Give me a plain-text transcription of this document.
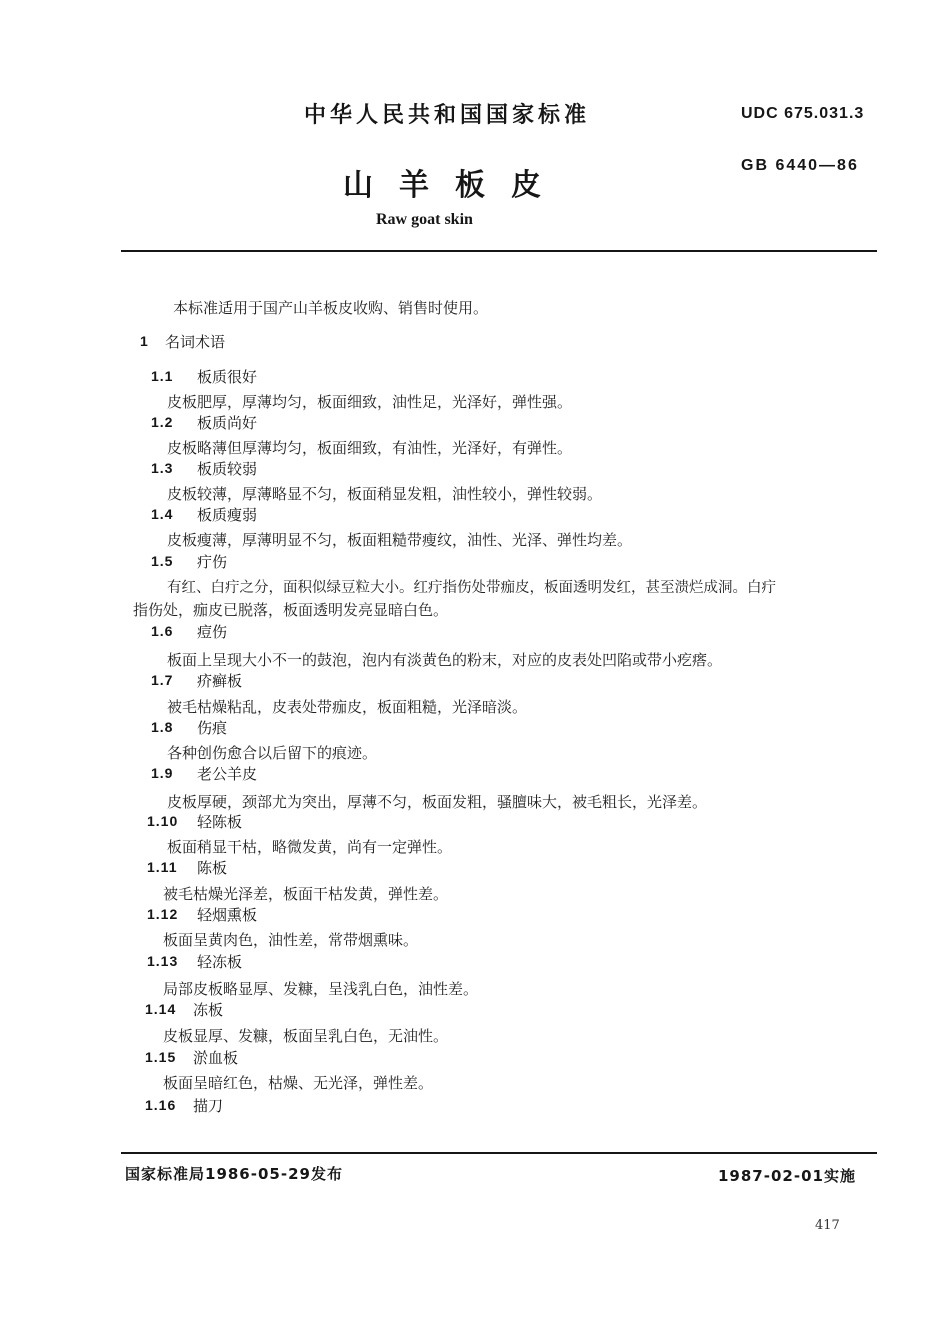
中华人民共和国国家标准	UDC 675.031.3
山羊板皮
GB 6440—86
Raw goat skin
本标准适用于国产山羊板皮收购、销售时使用。
1 名词术语
1.1 板质很好
皮板肥厚，厚薄均匀，板面细致，油性足，光泽好，弹性强。
1.2 板质尚好
皮板略薄但厚薄均匀，板面细致，有油性，光泽好，有弹性。
1.3 板质较弱
皮板较薄，厚薄略显不匀，板面稍显发粗，油性较小，弹性较弱。
1.4 板质瘦弱
皮板瘦薄，厚薄明显不匀，板面粗糙带瘦纹，油性、光泽、弹性均差。
1.5 疔伤
有红、白疔之分，面积似绿豆粒大小。红疔指伤处带痂皮，板面透明发红，甚至溃烂成洞。白疔
指伤处，痂皮已脱落，板面透明发亮显暗白色。
1.6 痘伤
板面上呈现大小不一的鼓泡，泡内有淡黄色的粉末，对应的皮表处凹陷或带小疙瘩。
1.7 疥癣板
被毛枯燥粘乱，皮表处带痂皮，板面粗糙，光泽暗淡。
1.8 伤痕
各种创伤愈合以后留下的痕迹。
1.9 老公羊皮
皮板厚硬，颈部尤为突出，厚薄不匀，板面发粗，骚膻味大，被毛粗长，光泽差。
1.10 轻陈板
板面稍显干枯，略微发黄，尚有一定弹性。
1.11 陈板
被毛枯燥光泽差，板面干枯发黄，弹性差。
1.12 轻烟熏板
板面呈黄肉色，油性差，常带烟熏味。
1.13 轻冻板
局部皮板略显厚、发糠，呈浅乳白色，油性差。
1.14 冻板
皮板显厚、发糠，板面呈乳白色，无油性。
1.15 淤血板
板面呈暗红色，枯燥、无光泽，弹性差。
1.16 描刀
国家标准局1986-05-29发布	1987-02-01实施
417
